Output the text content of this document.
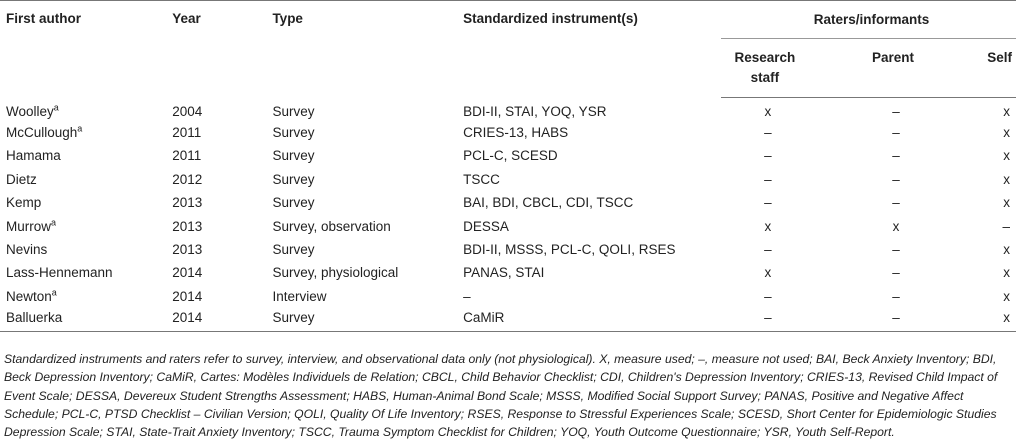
First author	Year	Type	Standardized instrument(s)	Raters/informants		
				Research staff	Parent	Self
Woolley$^a$	2004	Survey	BDI-II, STAI, YOQ, YSR	x	–	x
McCullough$^a$	2011	Survey	CRIES-13, HABS	–	–	x
Hamama	2011	Survey	PCL-C, SCESD	–	–	x
Dietz	2012	Survey	TSCC	–	–	x
Kemp	2013	Survey	BAI, BDI, CBCL, CDI, TSCC	–	–	x
Murrow$^a$	2013	Survey, observation	DESSA	x	x	–
Nevins	2013	Survey	BDI-II, MSSS, PCL-C, QOLI, RSES	–	–	x
Lass-Hennemann	2014	Survey, physiological	PANAS, STAI	x	–	x
Newton$^a$	2014	Interview	–	–	–	x
Balluerka	2014	Survey	CaMiR	–	–	x
Standardized instruments and raters refer to survey, interview, and observational data only (not physiological). X, measure used; –, measure not used; BAI, Beck Anxiety Inventory; BDI, Beck Depression Inventory; CaMiR, Cartes: Modèles Individuels de Relation; CBCL, Child Behavior Checklist; CDI, Children's Depression Inventory; CRIES-13, Revised Child Impact of Event Scale; DESSA, Devereux Student Strengths Assessment; HABS, Human-Animal Bond Scale; MSSS, Modified Social Support Survey; PANAS, Positive and Negative Affect Schedule; PCL-C, PTSD Checklist – Civilian Version; QOLI, Quality Of Life Inventory; RSES, Response to Stressful Experiences Scale; SCESD, Short Center for Epidemiologic Studies Depression Scale; STAI, State-Trait Anxiety Inventory; TSCC, Trauma Symptom Checklist for Children; YOQ, Youth Outcome Questionnaire; YSR, Youth Self-Report.
